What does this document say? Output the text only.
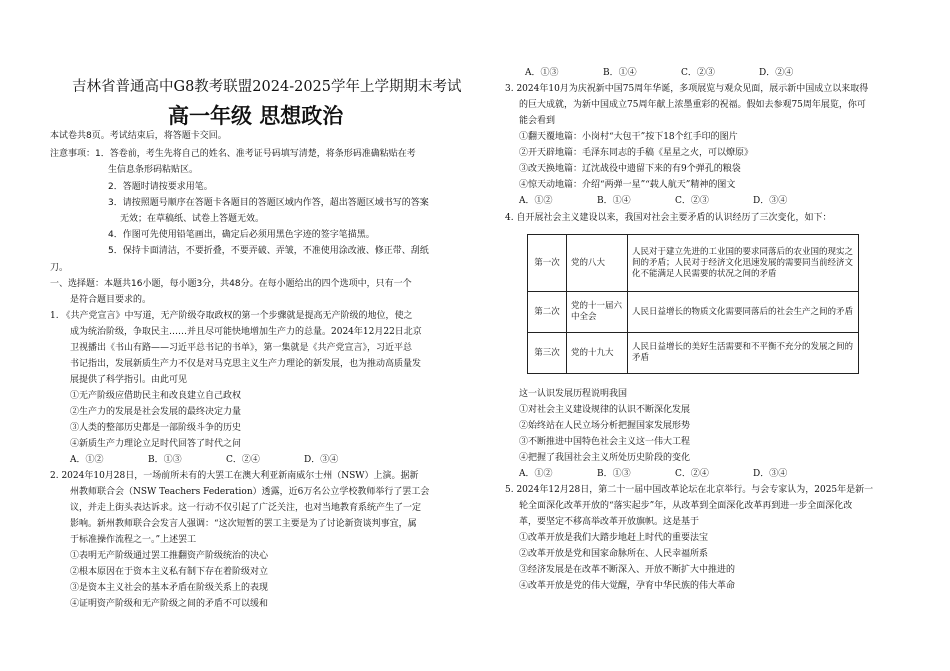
吉林省普通高中G8教考联盟2024-2025学年上学期期末考试
高一年级 思想政治
本试卷共8页。考试结束后，将答题卡交回。
注意事项：1．答卷前，考生先将自己的姓名、准考证号码填写清楚，将条形码准确粘贴在考
生信息条形码粘贴区。
2．答题时请按要求用笔。
3．请按照题号顺序在答题卡各题目的答题区域内作答，超出答题区域书写的答案
无效；在草稿纸、试卷上答题无效。
4．作图可先使用铅笔画出，确定后必须用黑色字迹的签字笔描黑。
5．保持卡面清洁，不要折叠，不要弄破、弄皱，不准使用涂改液、修正带、刮纸
刀。
一、选择题：本题共16小题，每小题3分，共48分。在每小题给出的四个选项中，只有一个
是符合题目要求的。
1. 《共产党宣言》中写道，无产阶级夺取政权的第一个步骤就是提高无产阶级的地位，使之
成为统治阶级，争取民主……并且尽可能快地增加生产力的总量。2024年12月22日北京
卫视播出《书山有路——习近平总书记的书单》，第一集就是《共产党宣言》，习近平总
书记指出，发展新质生产力不仅是对马克思主义生产力理论的新发展，也为推动高质量发
展提供了科学指引。由此可见
①无产阶级应借助民主和改良建立自己政权
②生产力的发展是社会发展的最终决定力量
③人类的整部历史都是一部阶级斗争的历史
④新质生产力理论立足时代回答了时代之问
A．①②	B．①③	C．②④	D．③④
2. 2024年10月28日，一场前所未有的大罢工在澳大利亚新南威尔士州（NSW）上演。据新
州教师联合会（NSW Teachers Federation）透露，近6万名公立学校教师举行了罢工会
议，并走上街头表达诉求。这一行动不仅引起了广泛关注，也对当地教育系统产生了一定
影响。新州教师联合会发言人强调：“这次短暂的罢工主要是为了讨论新资谈判事宜，属
于标准操作流程之一。”上述罢工
①表明无产阶级通过罢工推翻资产阶级统治的决心
②根本原因在于资本主义私有制下存在着阶级对立
③是资本主义社会的基本矛盾在阶级关系上的表现
④证明资产阶级和无产阶级之间的矛盾不可以缓和
A．①③	B．①④	C．②③	D．②④
3. 2024年10月为庆祝新中国75周年华诞，多项展览与观众见面，展示新中国成立以来取得
的巨大成就，为新中国成立75周年献上浓墨重彩的祝福。假如去参观75周年展览，你可
能会看到
①翻天覆地篇：小岗村“大包干”按下18个红手印的图片
②开天辟地篇：毛泽东同志的手稿《星星之火，可以燎原》
③改天换地篇：辽沈战役中遗留下来的有9个弹孔的粮袋
④惊天动地篇：介绍“两弹一星”“载人航天”精神的图文
A．①②	B．①④	C．②③	D．③④
4. 自开展社会主义建设以来，我国对社会主要矛盾的认识经历了三次变化，如下：
第一次	党的八大	人民对于建立先进的工业国的要求同落后的农业国的现实之间的矛盾；人民对于经济文化迅速发展的需要同当前经济文化不能满足人民需要的状况之间的矛盾
第二次	党的十一届六中全会	人民日益增长的物质文化需要同落后的社会生产之间的矛盾
第三次	党的十九大	人民日益增长的美好生活需要和不平衡不充分的发展之间的矛盾
这一认识发展历程说明我国
①对社会主义建设规律的认识不断深化发展
②始终站在人民立场分析把握国家发展形势
③不断推进中国特色社会主义这一伟大工程
④把握了我国社会主义所处历史阶段的变化
A．①②	B．①③	C．②④	D．③④
5. 2024年12月28日，第二十一届中国改革论坛在北京举行。与会专家认为，2025年是新一
轮全面深化改革开放的“落实起步”年，从改革到全面深化改革再到进一步全面深化改
革，要坚定不移高举改革开放旗帜。这是基于
①改革开放是我们大踏步地赶上时代的重要法宝
②改革开放是党和国家命脉所在、人民幸福所系
③经济发展是在改革不断深入、开放不断扩大中推进的
④改革开放是党的伟大觉醒，孕育中华民族的伟大革命
